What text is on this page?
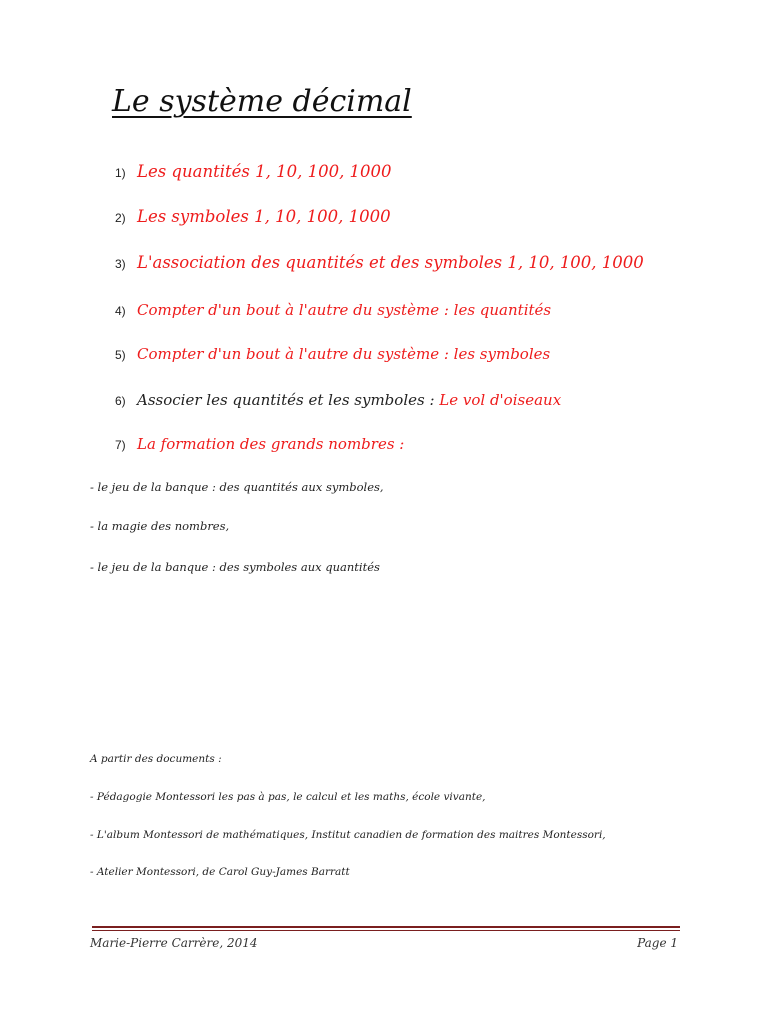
Le système décimal
1) Les quantités 1, 10, 100, 1000
2) Les symboles 1, 10, 100, 1000
3) L'association des quantités et des symboles 1, 10, 100, 1000
4) Compter d'un bout à l'autre du système : les quantités
5) Compter d'un bout à l'autre du système : les symboles
6) Associer les quantités et les symboles : Le vol d'oiseaux
7) La formation des grands nombres :
- le jeu de la banque : des quantités aux symboles,
- la magie des nombres,
- le jeu de la banque : des symboles aux quantités
A partir des documents :
- Pédagogie Montessori les pas à pas, le calcul et les maths, école vivante,
- L'album Montessori de mathématiques, Institut canadien de formation des maitres Montessori,
- Atelier Montessori, de Carol Guy-James Barratt
Marie-Pierre Carrère, 2014	Page 1
